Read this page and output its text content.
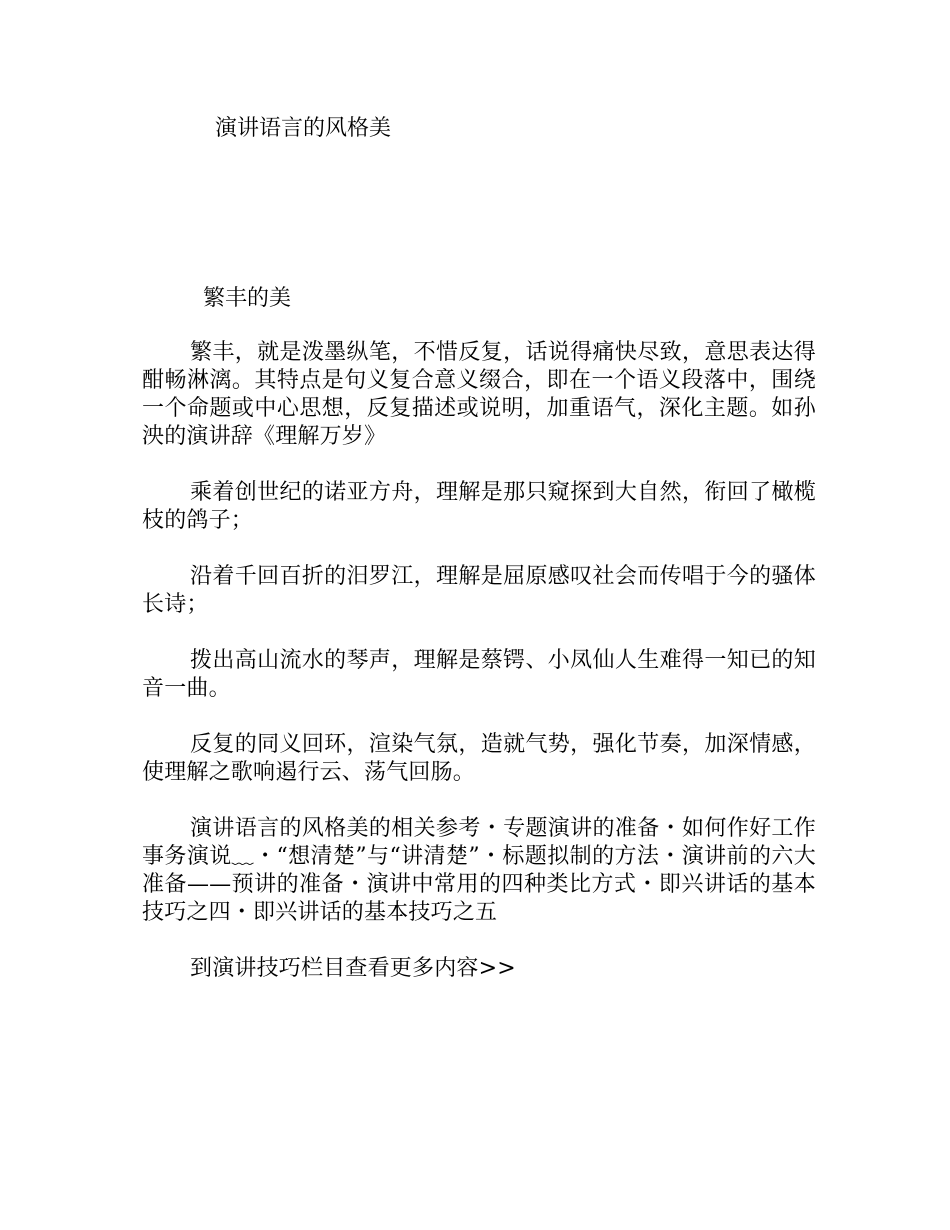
演讲语言的风格美
繁丰的美

繁丰，就是泼墨纵笔，不惜反复，话说得痛快尽致，意思表达得酣畅淋漓。其特点是句义复合意义缀合，即在一个语义段落中，围绕一个命题或中心思想，反复描述或说明，加重语气，深化主题。如孙泱的演讲辞《理解万岁》

乘着创世纪的诺亚方舟，理解是那只窥探到大自然，衔回了橄榄枝的鸽子；

沿着千回百折的汨罗江，理解是屈原感叹社会而传唱于今的骚体长诗；

拨出高山流水的琴声，理解是蔡锷、小凤仙人生难得一知已的知音一曲。

反复的同义回环，渲染气氛，造就气势，强化节奏，加深情感，使理解之歌响遏行云、荡气回肠。

演讲语言的风格美的相关参考・专题演讲的准备・如何作好工作事务演说﹏・“想清楚”与“讲清楚”・标题拟制的方法・演讲前的六大准备——预讲的准备・演讲中常用的四种类比方式・即兴讲话的基本技巧之四・即兴讲话的基本技巧之五

到演讲技巧栏目查看更多内容>>
